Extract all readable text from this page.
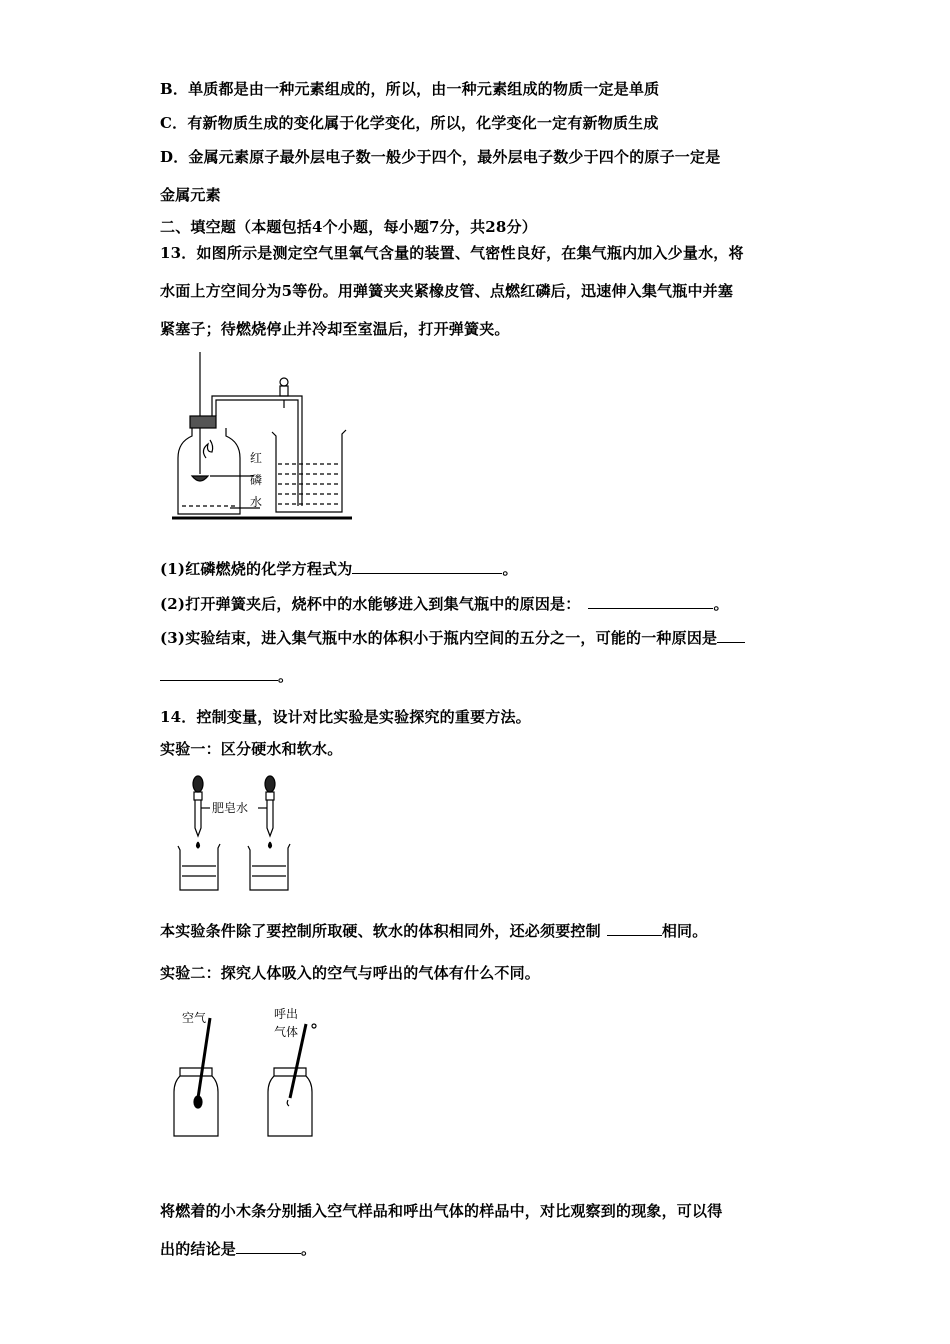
B．单质都是由一种元素组成的，所以，由一种元素组成的物质一定是单质
C．有新物质生成的变化属于化学变化，所以，化学变化一定有新物质生成
D．金属元素原子最外层电子数一般少于四个，最外层电子数少于四个的原子一定是
金属元素
二、填空题（本题包括4个小题，每小题7分，共28分）
13．如图所示是测定空气里氧气含量的装置、气密性良好，在集气瓶内加入少量水，将
水面上方空间分为5等份。用弹簧夹夹紧橡皮管、点燃红磷后，迅速伸入集气瓶中并塞
紧塞子；待燃烧停止并冷却至室温后，打开弹簧夹。
红
磷
水
(1)红磷燃烧的化学方程式为	。
(2)打开弹簧夹后，烧杯中的水能够进入到集气瓶中的原因是：	。
(3)实验结束，进入集气瓶中水的体积小于瓶内空间的五分之一，可能的一种原因是
。
14．控制变量，设计对比实验是实验探究的重要方法。
实验一：区分硬水和软水。
肥皂水
本实验条件除了要控制所取硬、软水的体积相同外，还必须要控制	相同。
实验二：探究人体吸入的空气与呼出的气体有什么不同。
空气	呼出
气体
将燃着的小木条分别插入空气样品和呼出气体的样品中，对比观察到的现象，可以得
出的结论是	。
